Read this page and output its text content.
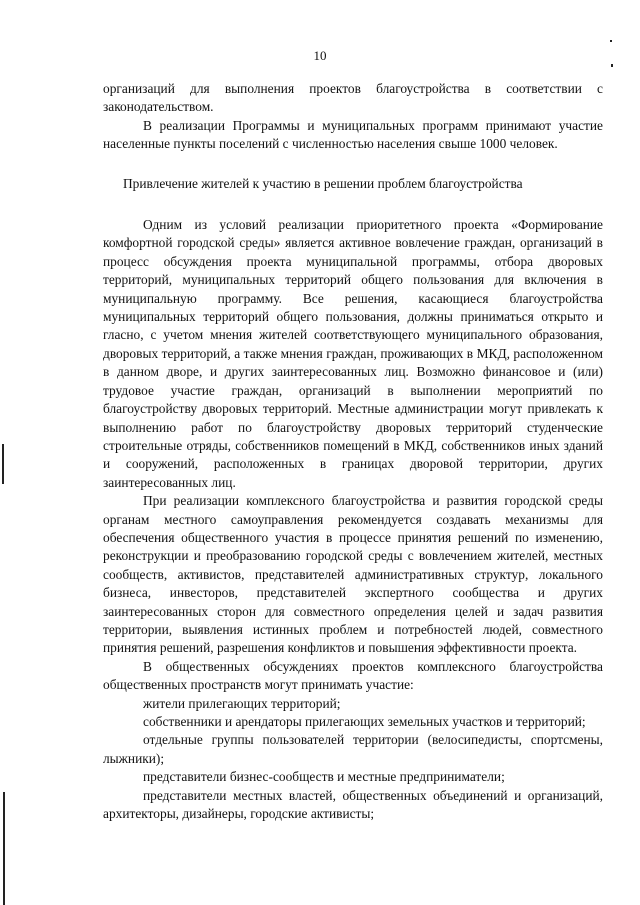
10

организаций для выполнения проектов благоустройства в соответствии с законодательством.

В реализации Программы и муниципальных программ принимают участие населенные пункты поселений с численностью населения свыше 1000 человек.

Привлечение жителей к участию в решении проблем благоустройства

Одним из условий реализации приоритетного проекта «Формирование комфортной городской среды» является активное вовлечение граждан, организаций в процесс обсуждения проекта муниципальной программы, отбора дворовых территорий, муниципальных территорий общего пользования для включения в муниципальную программу. Все решения, касающиеся благоустройства муниципальных территорий общего пользования, должны приниматься открыто и гласно, с учетом мнения жителей соответствующего муниципального образования, дворовых территорий, а также мнения граждан, проживающих в МКД, расположенном в данном дворе, и других заинтересованных лиц. Возможно финансовое и (или) трудовое участие граждан, организаций в выполнении мероприятий по благоустройству дворовых территорий. Местные администрации могут привлекать к выполнению работ по благоустройству дворовых территорий студенческие строительные отряды, собственников помещений в МКД, собственников иных зданий и сооружений, расположенных в границах дворовой территории, других заинтересованных лиц.

При реализации комплексного благоустройства и развития городской среды органам местного самоуправления рекомендуется создавать механизмы для обеспечения общественного участия в процессе принятия решений по изменению, реконструкции и преобразованию городской среды с вовлечением жителей, местных сообществ, активистов, представителей административных структур, локального бизнеса, инвесторов, представителей экспертного сообщества и других заинтересованных сторон для совместного определения целей и задач развития территории, выявления истинных проблем и потребностей людей, совместного принятия решений, разрешения конфликтов и повышения эффективности проекта.

В общественных обсуждениях проектов комплексного благоустройства общественных пространств могут принимать участие:

жители прилегающих территорий;

собственники и арендаторы прилегающих земельных участков и территорий;

отдельные группы пользователей территории (велосипедисты, спортсмены, лыжники);

представители бизнес-сообществ и местные предприниматели;

представители местных властей, общественных объединений и организаций, архитекторы, дизайнеры, городские активисты;
